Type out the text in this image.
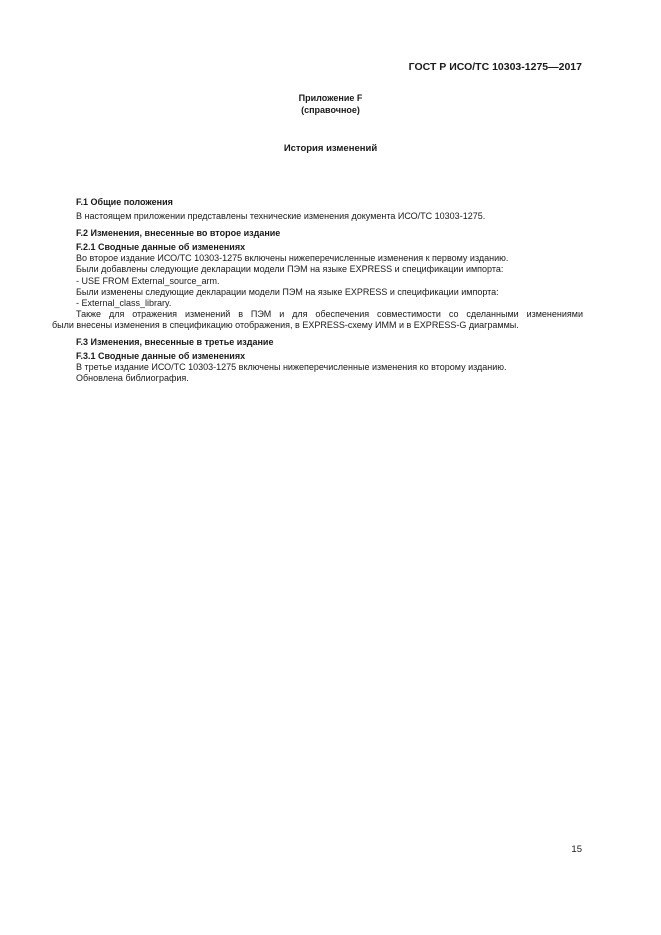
ГОСТ Р ИСО/ТС 10303-1275—2017
Приложение F
(справочное)
История изменений

F.1 Общие положения

В настоящем приложении представлены технические изменения документа ИСО/ТС 10303-1275.

F.2 Изменения, внесенные во второе издание

F.2.1 Сводные данные об изменениях

Во второе издание ИСО/ТС 10303-1275 включены нижеперечисленные изменения к первому изданию.

Были добавлены следующие декларации модели ПЭМ на языке EXPRESS и спецификации импорта:

- USE FROM External_source_arm.

Были изменены следующие декларации модели ПЭМ на языке EXPRESS и спецификации импорта:

- External_class_library.

Также для отражения изменений в ПЭМ и для обеспечения совместимости со сделанными изменениями

были внесены изменения в спецификацию отображения, в EXPRESS-схему ИММ и в EXPRESS-G диаграммы.

F.3 Изменения, внесенные в третье издание

F.3.1 Сводные данные об изменениях

В третье издание ИСО/ТС 10303-1275 включены нижеперечисленные изменения ко второму изданию.

Обновлена библиография.

15
